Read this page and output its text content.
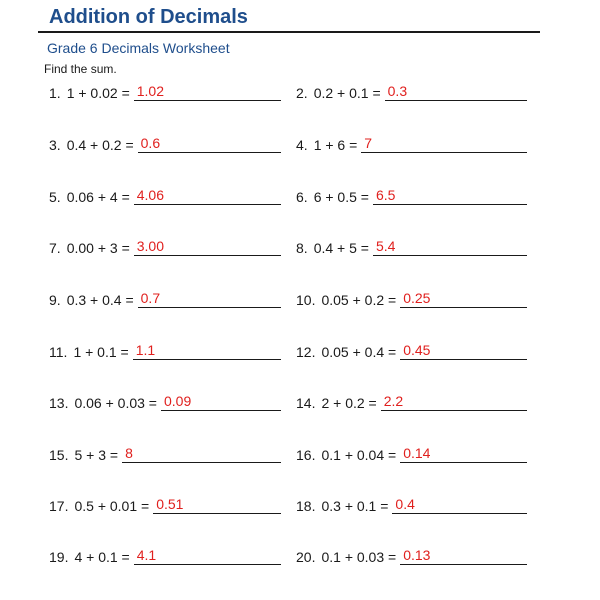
Addition of Decimals
Grade 6 Decimals Worksheet
Find the sum.
1. 1 + 0.02 = 1.02	2. 0.2 + 0.1 = 0.3
3. 0.4 + 0.2 = 0.6	4. 1 + 6 = 7
5. 0.06 + 4 = 4.06	6. 6 + 0.5 = 6.5
7. 0.00 + 3 = 3.00	8. 0.4 + 5 = 5.4
9. 0.3 + 0.4 = 0.7	10. 0.05 + 0.2 = 0.25
11. 1 + 0.1 = 1.1	12. 0.05 + 0.4 = 0.45
13. 0.06 + 0.03 = 0.09	14. 2 + 0.2 = 2.2
15. 5 + 3 = 8	16. 0.1 + 0.04 = 0.14
17. 0.5 + 0.01 = 0.51	18. 0.3 + 0.1 = 0.4
19. 4 + 0.1 = 4.1	20. 0.1 + 0.03 = 0.13
